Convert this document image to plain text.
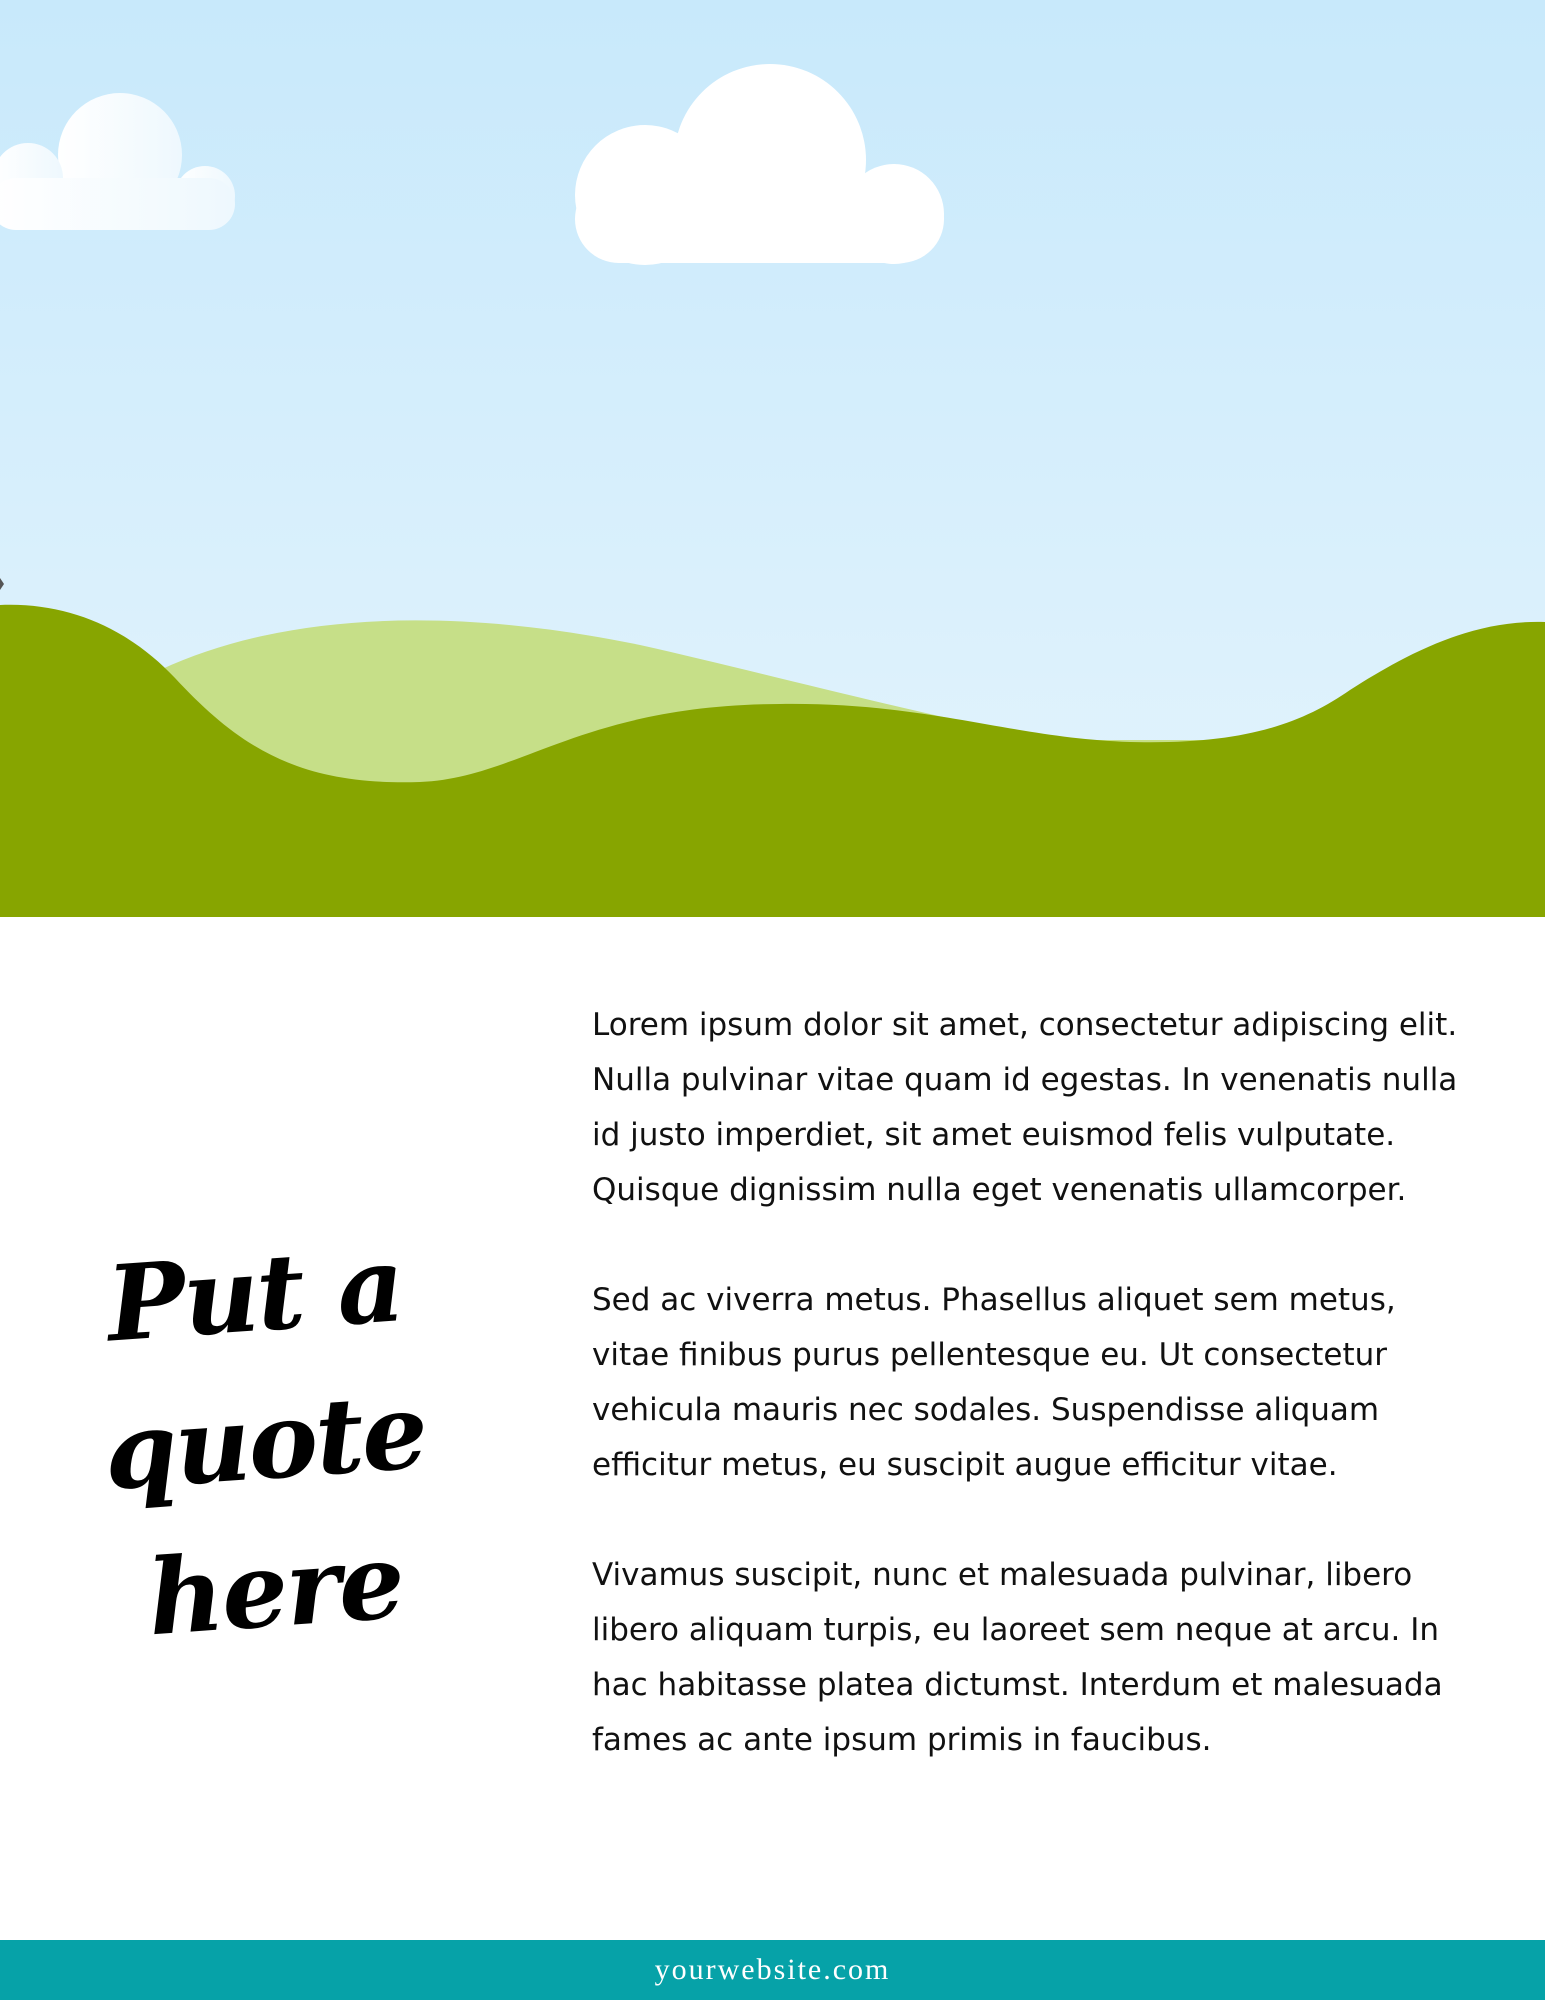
Put a
quote here

Lorem ipsum dolor sit amet, consectetur adipiscing elit. Nulla pulvinar vitae quam id egestas. In venenatis nulla id justo imperdiet, sit amet euismod felis vulputate. Quisque dignissim nulla eget venenatis ullamcorper.

Sed ac viverra metus. Phasellus aliquet sem metus, vitae finibus purus pellentesque eu. Ut consectetur vehicula mauris nec sodales. Suspendisse aliquam efficitur metus, eu suscipit augue efficitur vitae.

Vivamus suscipit, nunc et malesuada pulvinar, libero libero aliquam turpis, eu laoreet sem neque at arcu. In hac habitasse platea dictumst. Interdum et malesuada fames ac ante ipsum primis in faucibus.

yourwebsite.com
